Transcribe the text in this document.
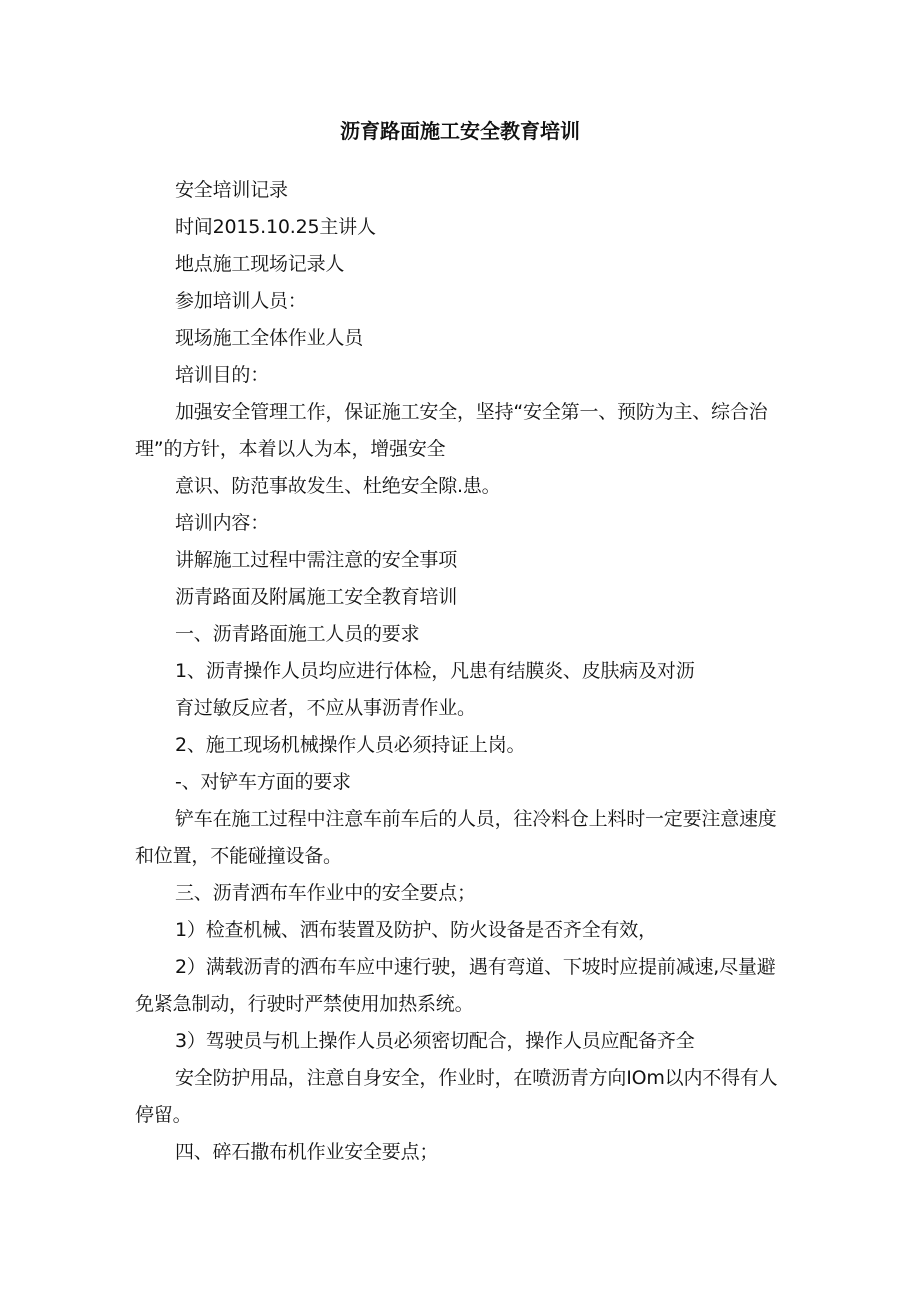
沥育路面施工安全教育培训

安全培训记录

时间2015.10.25主讲人

地点施工现场记录人

参加培训人员：

现场施工全体作业人员

培训目的：

加强安全管理工作，保证施工安全，坚持“安全第一、预防为主、综合治理”的方针，本着以人为本，增强安全

意识、防范事故发生、杜绝安全隙.患。

培训内容：

讲解施工过程中需注意的安全事项

沥青路面及附属施工安全教育培训

一、沥青路面施工人员的要求

1、沥青操作人员均应进行体检，凡患有结膜炎、皮肤病及对沥

育过敏反应者，不应从事沥青作业。

2、施工现场机械操作人员必须持证上岗。

-、对铲车方面的要求

铲车在施工过程中注意车前车后的人员，往冷料仓上料时一定要注意速度和位置，不能碰撞设备。

三、沥青洒布车作业中的安全要点；

1）检查机械、洒布装置及防护、防火设备是否齐全有效，

2）满载沥青的洒布车应中速行驶，遇有弯道、下坡时应提前减速,尽量避免紧急制动，行驶时严禁使用加热系统。

3）驾驶员与机上操作人员必须密切配合，操作人员应配备齐全

安全防护用品，注意自身安全，作业时，在喷沥青方向IOm以内不得有人停留。

四、碎石撒布机作业安全要点；
